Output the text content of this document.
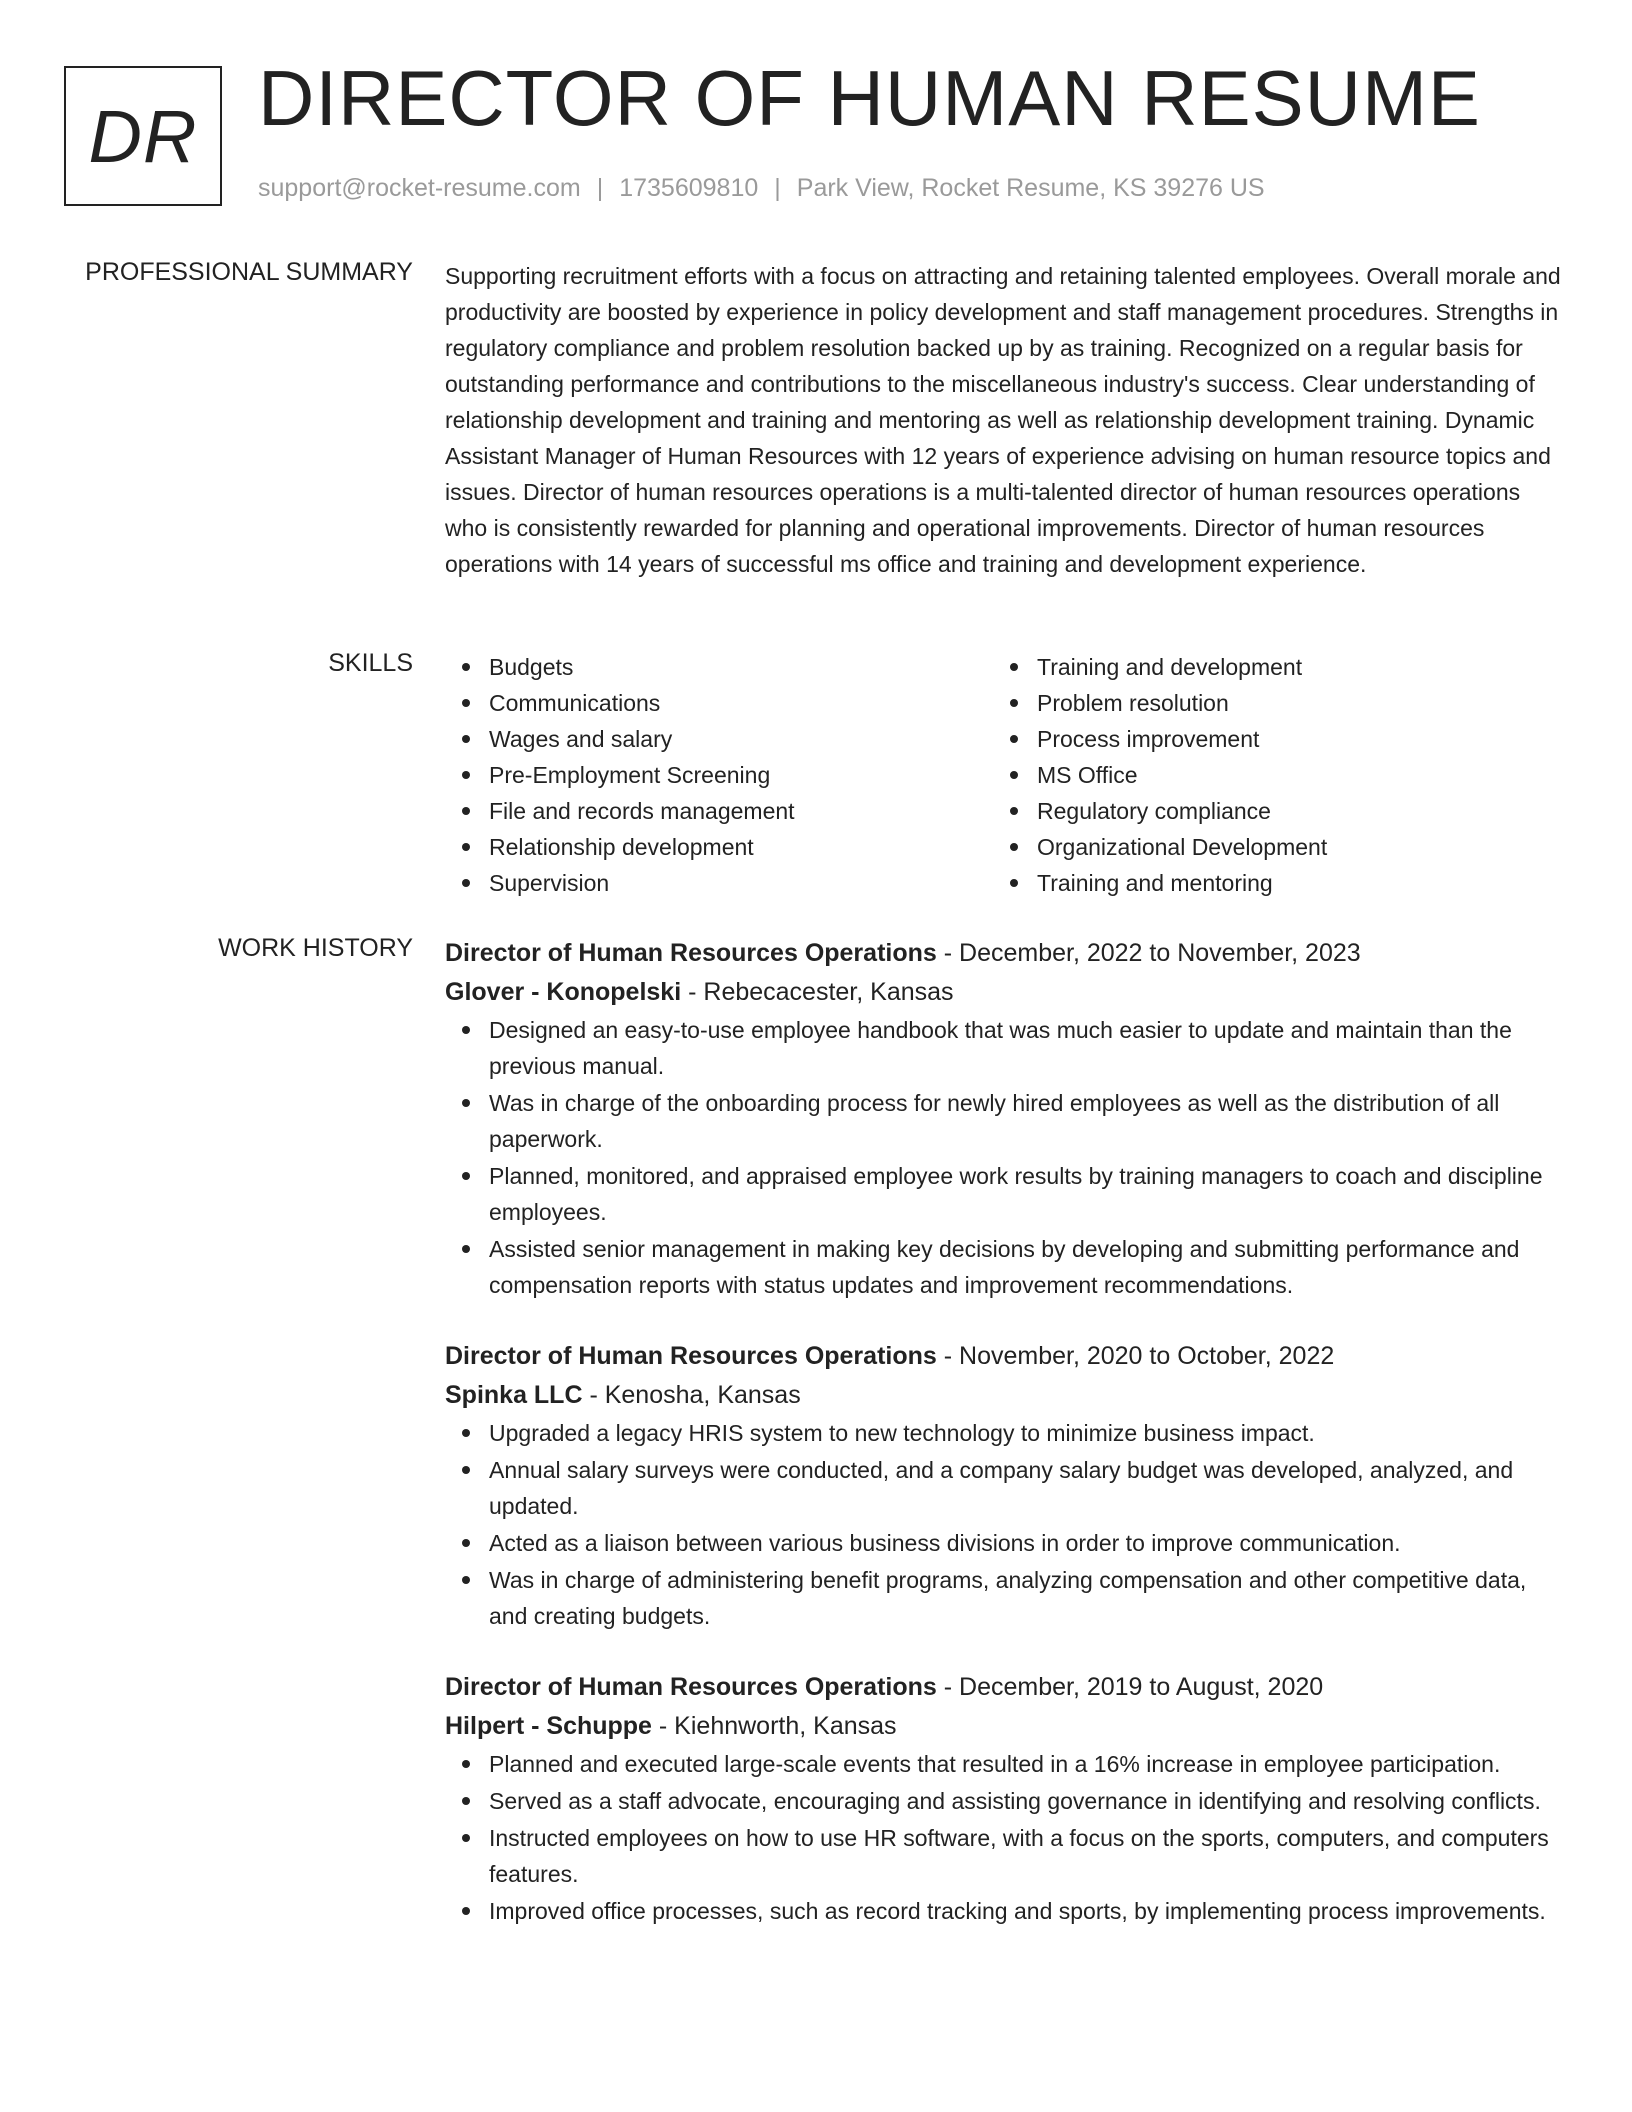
DR DIRECTOR OF HUMAN RESUME
support@rocket-resume.com | 1735609810 | Park View, Rocket Resume, KS 39276 US
PROFESSIONAL SUMMARY Supporting recruitment efforts with a focus on attracting and retaining talented employees. Overall morale and productivity are boosted by experience in policy development and staff management procedures. Strengths in regulatory compliance and problem resolution backed up by as training. Recognized on a regular basis for outstanding performance and contributions to the miscellaneous industry's success. Clear understanding of relationship development and training and mentoring as well as relationship development training. Dynamic Assistant Manager of Human Resources with 12 years of experience advising on human resource topics and issues. Director of human resources operations is a multi-talented director of human resources operations who is consistently rewarded for planning and operational improvements. Director of human resources operations with 14 years of successful ms office and training and development experience.
SKILLS	Budgets
Communications
Wages and salary
Pre-Employment Screening
File and records management
Relationship development
Supervision
Training and development
Problem resolution
Process improvement
MS Office
Regulatory compliance
Organizational Development
Training and mentoring
WORK HISTORY Director of Human Resources Operations - December, 2022 to November, 2023
Glover - Konopelski - Rebecacester, Kansas
Designed an easy-to-use employee handbook that was much easier to update and maintain than the previous manual.
Was in charge of the onboarding process for newly hired employees as well as the distribution of all paperwork.
Planned, monitored, and appraised employee work results by training managers to coach and discipline employees.
Assisted senior management in making key decisions by developing and submitting performance and compensation reports with status updates and improvement recommendations.
Director of Human Resources Operations - November, 2020 to October, 2022
Spinka LLC - Kenosha, Kansas
Upgraded a legacy HRIS system to new technology to minimize business impact.
Annual salary surveys were conducted, and a company salary budget was developed, analyzed, and updated.
Acted as a liaison between various business divisions in order to improve communication.
Was in charge of administering benefit programs, analyzing compensation and other competitive data, and creating budgets.
Director of Human Resources Operations - December, 2019 to August, 2020
Hilpert - Schuppe - Kiehnworth, Kansas
Planned and executed large-scale events that resulted in a 16% increase in employee participation.
Served as a staff advocate, encouraging and assisting governance in identifying and resolving conflicts.
Instructed employees on how to use HR software, with a focus on the sports, computers, and computers features.
Improved office processes, such as record tracking and sports, by implementing process improvements.
